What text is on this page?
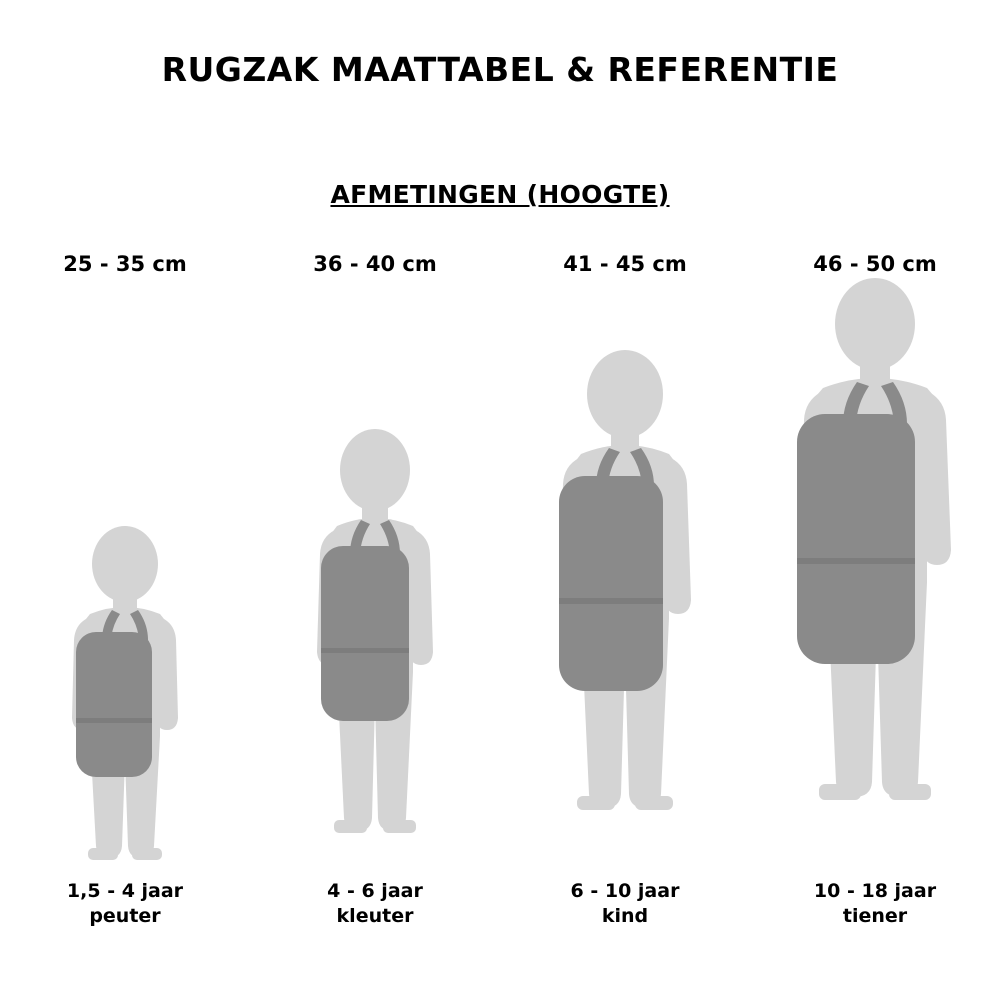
RUGZAK MAATTABEL & REFERENTIE
AFMETINGEN (HOOGTE)
25 - 35 cm
1,5 - 4 jaar
peuter
36 - 40 cm
4 - 6 jaar
kleuter
41 - 45 cm
6 - 10 jaar
kind
46 - 50 cm
10 - 18 jaar
tiener
